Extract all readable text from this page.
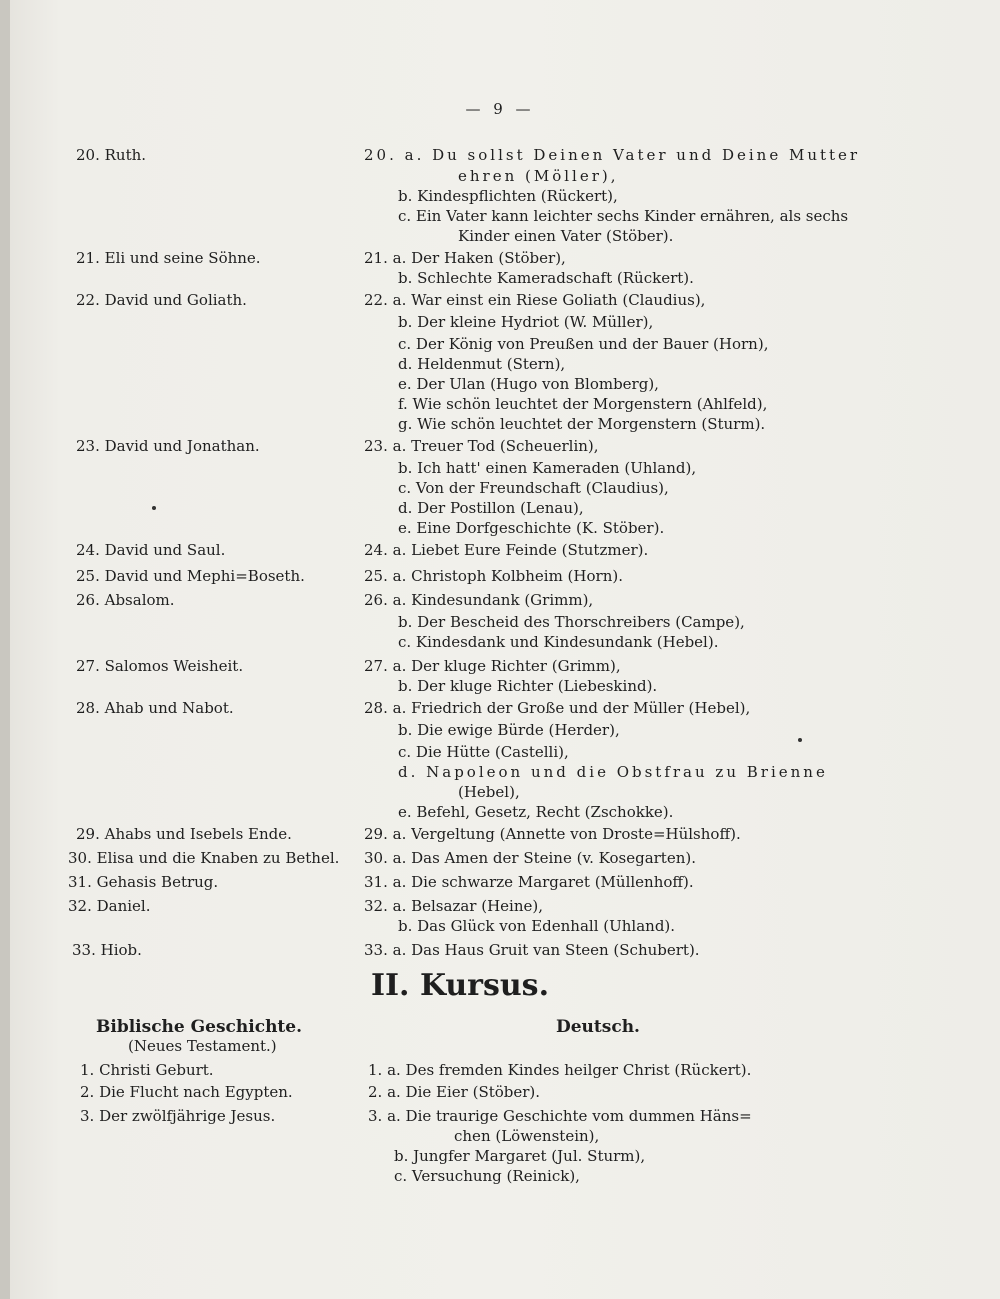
— 9 —
20. Ruth.
21. Eli und seine Söhne.
22. David und Goliath.
23. David und Jonathan.
24. David und Saul.
25. David und Mephi=Boseth.
26. Absalom.
27. Salomos Weisheit.
28. Ahab und Nabot.
29. Ahabs und Isebels Ende.
30. Elisa und die Knaben zu Bethel.
31. Gehasis Betrug.
32. Daniel.
33. Hiob.
20. a. Du sollst Deinen Vater und Deine Mutter
ehren (Möller),
b. Kindespflichten (Rückert),
c. Ein Vater kann leichter sechs Kinder ernähren, als sechs
Kinder einen Vater (Stöber).
21. a. Der Haken (Stöber),
b. Schlechte Kameradschaft (Rückert).
22. a. War einst ein Riese Goliath (Claudius),
b. Der kleine Hydriot (W. Müller),
c. Der König von Preußen und der Bauer (Horn),
d. Heldenmut (Stern),
e. Der Ulan (Hugo von Blomberg),
f. Wie schön leuchtet der Morgenstern (Ahlfeld),
g. Wie schön leuchtet der Morgenstern (Sturm).
23. a. Treuer Tod (Scheuerlin),
b. Ich hatt' einen Kameraden (Uhland),
c. Von der Freundschaft (Claudius),
d. Der Postillon (Lenau),
e. Eine Dorfgeschichte (K. Stöber).
24. a. Liebet Eure Feinde (Stutzmer).
25. a. Christoph Kolbheim (Horn).
26. a. Kindesundank (Grimm),
b. Der Bescheid des Thorschreibers (Campe),
c. Kindesdank und Kindesundank (Hebel).
27. a. Der kluge Richter (Grimm),
b. Der kluge Richter (Liebeskind).
28. a. Friedrich der Große und der Müller (Hebel),
b. Die ewige Bürde (Herder),
c. Die Hütte (Castelli),
d. Napoleon und die Obstfrau zu Brienne
(Hebel),
e. Befehl, Gesetz, Recht (Zschokke).
29. a. Vergeltung (Annette von Droste=Hülshoff).
30. a. Das Amen der Steine (v. Kosegarten).
31. a. Die schwarze Margaret (Müllenhoff).
32. a. Belsazar (Heine),
b. Das Glück von Edenhall (Uhland).
33. a. Das Haus Gruit van Steen (Schubert).
II. Kursus.
Biblische Geschichte.
(Neues Testament.)
Deutsch.
1. Christi Geburt.
2. Die Flucht nach Egypten.
3. Der zwölfjährige Jesus.
1. a. Des fremden Kindes heilger Christ (Rückert).
2. a. Die Eier (Stöber).
3. a. Die traurige Geschichte vom dummen Häns=
chen (Löwenstein),
b. Jungfer Margaret (Jul. Sturm),
c. Versuchung (Reinick),
